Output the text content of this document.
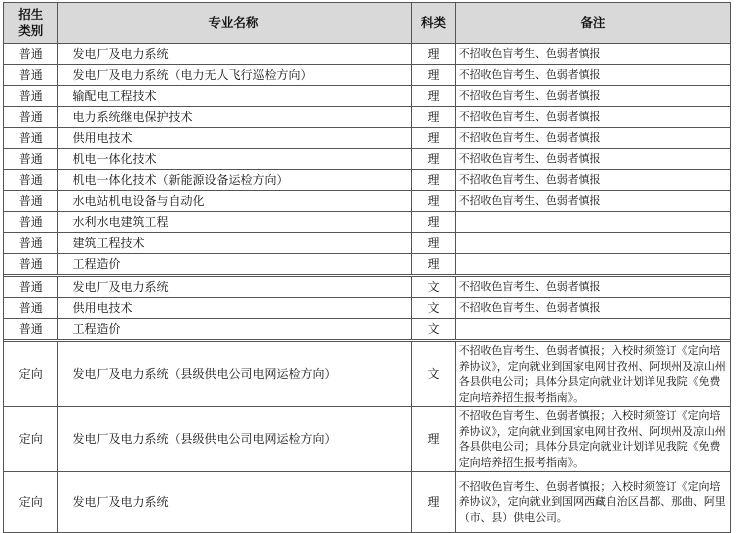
招生
类别	专业名称	科类	备注
普通	发电厂及电力系统	理	不招收色盲考生、色弱者慎报
普通	发电厂及电力系统（电力无人飞行巡检方向）	理	不招收色盲考生、色弱者慎报
普通	输配电工程技术	理	不招收色盲考生、色弱者慎报
普通	电力系统继电保护技术	理	不招收色盲考生、色弱者慎报
普通	供用电技术	理	不招收色盲考生、色弱者慎报
普通	机电一体化技术	理	不招收色盲考生、色弱者慎报
普通	机电一体化技术（新能源设备运检方向）	理	不招收色盲考生、色弱者慎报
普通	水电站机电设备与自动化	理	不招收色盲考生、色弱者慎报
普通	水利水电建筑工程	理	
普通	建筑工程技术	理	
普通	工程造价	理	

普通	发电厂及电力系统	文	不招收色盲考生、色弱者慎报
普通	供用电技术	文	不招收色盲考生、色弱者慎报
普通	工程造价	文	

定向	发电厂及电力系统（县级供电公司电网运检方向）	文	不招收色盲考生、色弱者慎报；入校时须签订《定向培养协议》，定向就业到国家电网甘孜州、阿坝州及凉山州各县供电公司；具体分县定向就业计划详见我院《免费定向培养招生报考指南》。
定向	发电厂及电力系统（县级供电公司电网运检方向）	理	不招收色盲考生、色弱者慎报；入校时须签订《定向培养协议》，定向就业到国家电网甘孜州、阿坝州及凉山州各县供电公司；具体分县定向就业计划详见我院《免费定向培养招生报考指南》。
定向	发电厂及电力系统	理	不招收色盲考生、色弱者慎报；入校时须签订《定向培养协议》，定向就业到国网西藏自治区昌都、那曲、阿里（市、县）供电公司。
